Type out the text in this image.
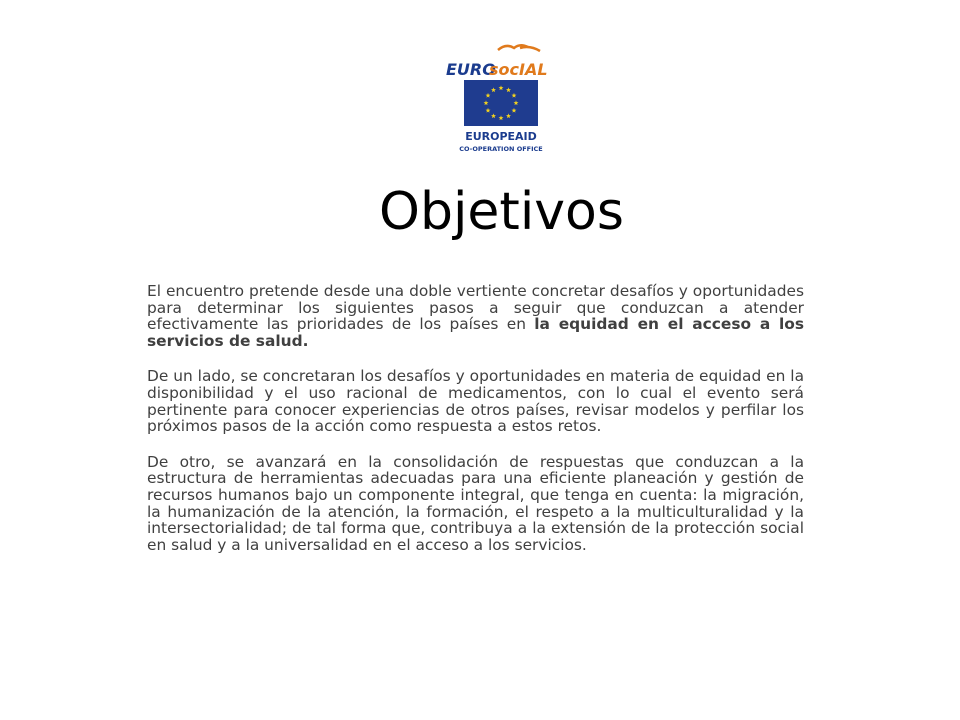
EURO
socIAL
EUROPEAID
CO-OPERATION OFFICE
Objetivos

El encuentro pretende desde una doble vertiente concretar desafíos y oportunidades para determinar los siguientes pasos a seguir que conduzcan a atender efectivamente las prioridades de los países en la equidad en el acceso a los servicios de salud.

De un lado, se concretaran los desafíos y oportunidades en materia de equidad en la disponibilidad y el uso racional de medicamentos, con lo cual el evento será pertinente para conocer experiencias de otros países, revisar modelos y perfilar los próximos pasos de la acción como respuesta a estos retos.

De otro, se avanzará en la consolidación de respuestas que conduzcan a la estructura de herramientas adecuadas para una eficiente planeación y gestión de recursos humanos bajo un componente integral, que tenga en cuenta: la migración, la humanización de la atención, la formación, el respeto a la multiculturalidad y la intersectorialidad; de tal forma que, contribuya a la extensión de la protección social en salud y a la universalidad en el acceso a los servicios.
